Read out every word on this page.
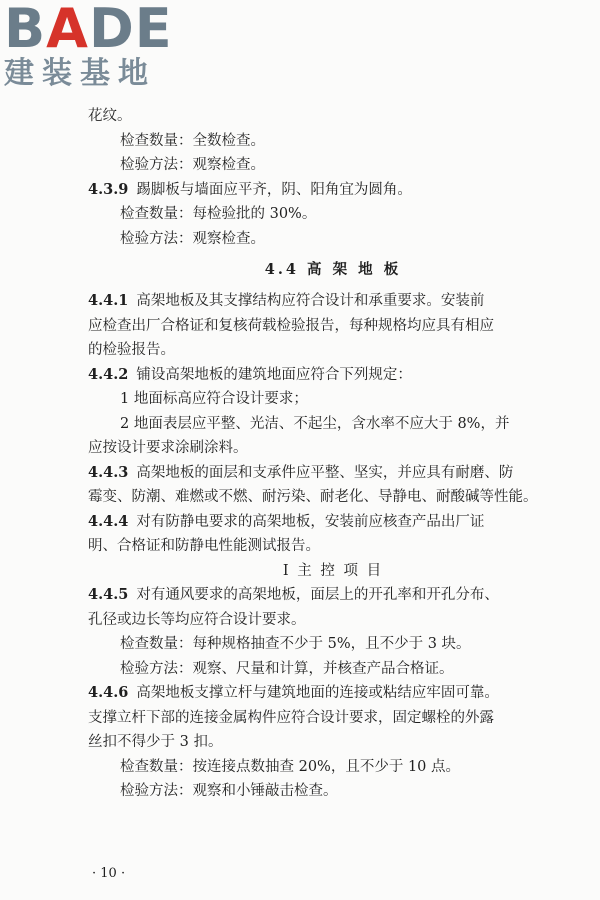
BADE
建装基地
花纹。
检查数量：全数检查。
检验方法：观察检查。
4.3.9 踢脚板与墙面应平齐，阴、阳角宜为圆角。
检查数量：每检验批的 30%。
检验方法：观察检查。
4.4 高 架 地 板
4.4.1 高架地板及其支撑结构应符合设计和承重要求。安装前
应检查出厂合格证和复核荷载检验报告，每种规格均应具有相应
的检验报告。
4.4.2 铺设高架地板的建筑地面应符合下列规定：
1 地面标高应符合设计要求；
2 地面表层应平整、光洁、不起尘，含水率不应大于 8%，并
应按设计要求涂刷涂料。
4.4.3 高架地板的面层和支承件应平整、坚实，并应具有耐磨、防
霉变、防潮、难燃或不燃、耐污染、耐老化、导静电、耐酸碱等性能。
4.4.4 对有防静电要求的高架地板，安装前应核查产品出厂证
明、合格证和防静电性能测试报告。
Ⅰ 主 控 项 目
4.4.5 对有通风要求的高架地板，面层上的开孔率和开孔分布、
孔径或边长等均应符合设计要求。
检查数量：每种规格抽查不少于 5%，且不少于 3 块。
检验方法：观察、尺量和计算，并核查产品合格证。
4.4.6 高架地板支撑立杆与建筑地面的连接或粘结应牢固可靠。
支撑立杆下部的连接金属构件应符合设计要求，固定螺栓的外露
丝扣不得少于 3 扣。
检查数量：按连接点数抽查 20%，且不少于 10 点。
检验方法：观察和小锤敲击检查。
· 10 ·
